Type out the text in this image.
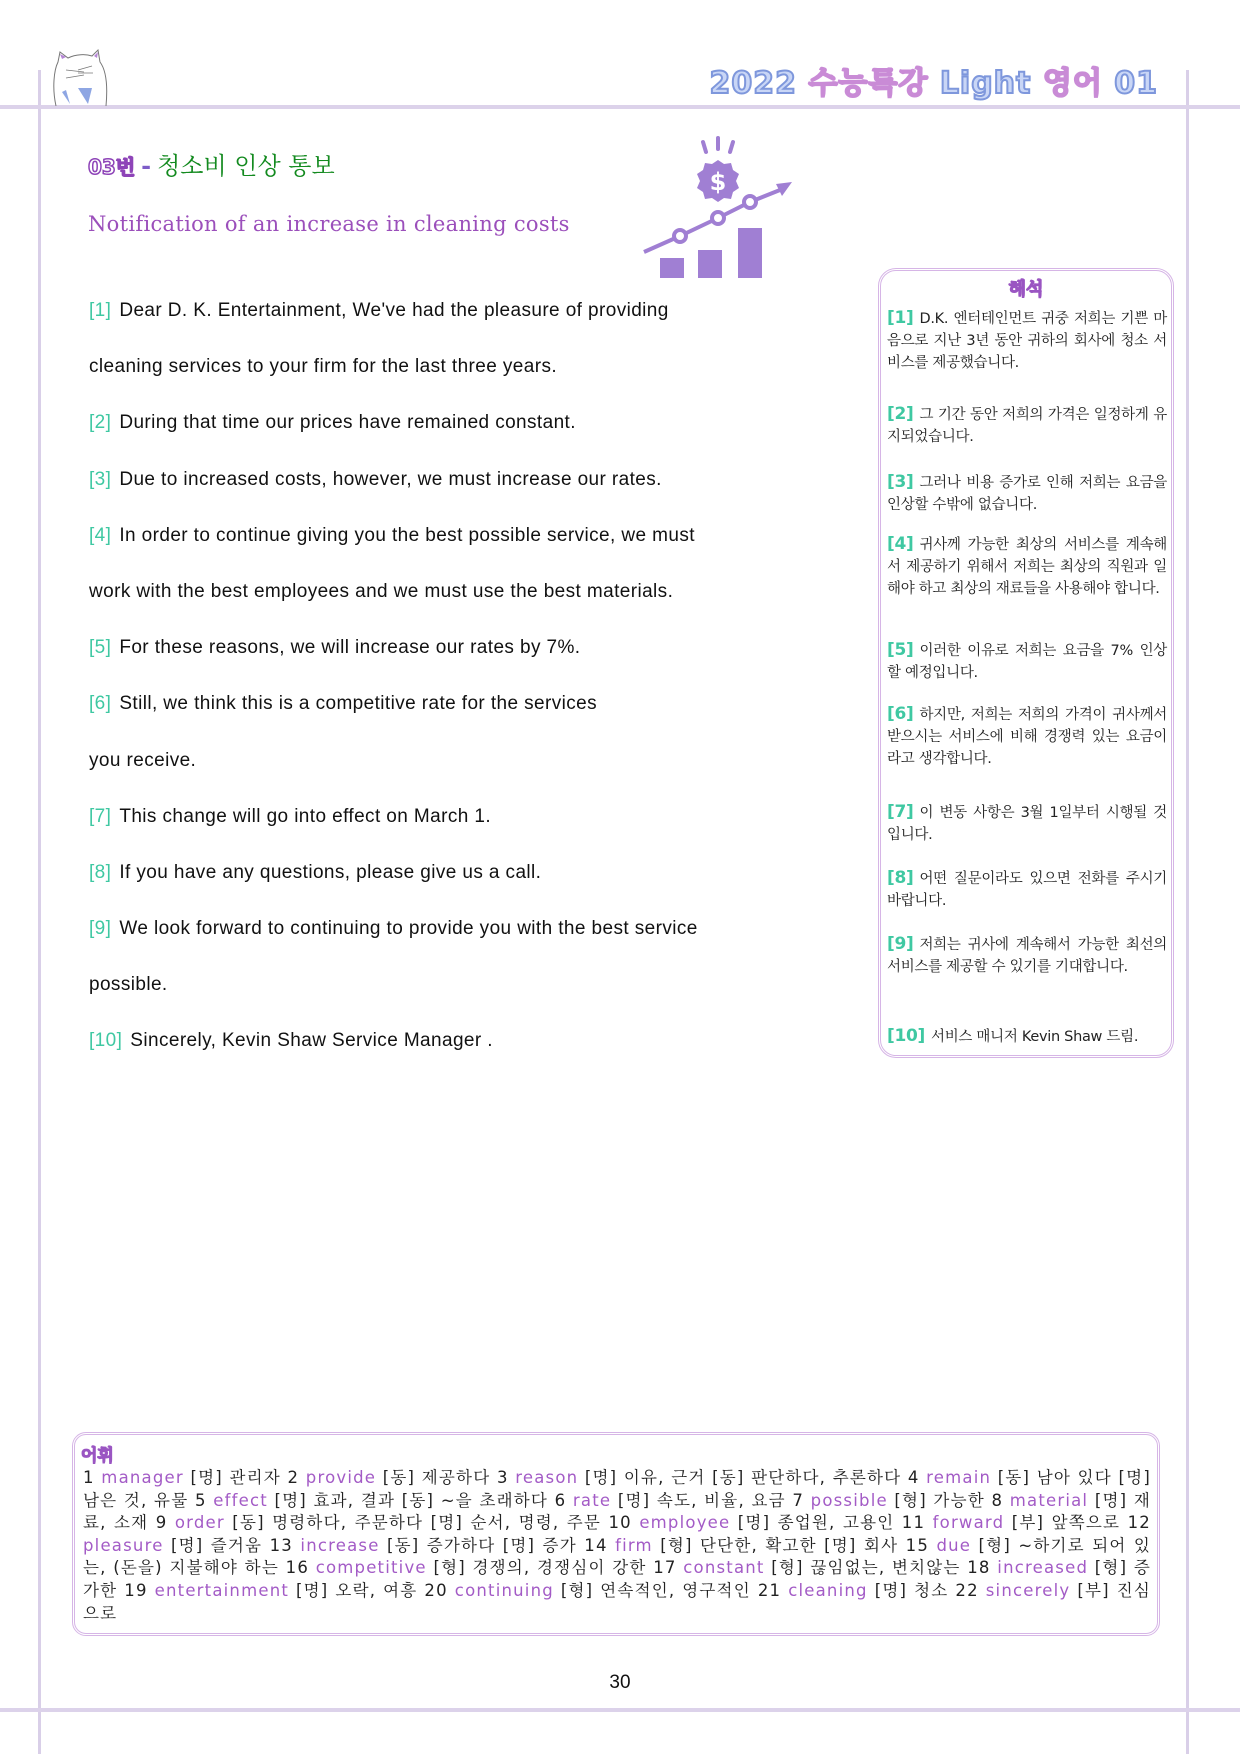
2022 수능특강 Light 영어 01
03번 - 청소비 인상 통보
Notification of an increase in cleaning costs
$
[1] Dear D. K. Entertainment, We've had the pleasure of providing
cleaning services to your firm for the last three years.
[2] During that time our prices have remained constant.
[3] Due to increased costs, however, we must increase our rates.
[4] In order to continue giving you the best possible service, we must
work with the best employees and we must use the best materials.
[5] For these reasons, we will increase our rates by 7%.
[6] Still, we think this is a competitive rate for the services
you receive.
[7] This change will go into effect on March 1.
[8] If you have any questions, please give us a call.
[9] We look forward to continuing to provide you with the best service
possible.
[10] Sincerely, Kevin Shaw Service Manager .
해석
[1] D.K. 엔터테인먼트 귀중 저희는 기쁜 마음으로 지난 3년 동안 귀하의 회사에 청소 서비스를 제공했습니다.
[2] 그 기간 동안 저희의 가격은 일정하게 유지되었습니다.
[3] 그러나 비용 증가로 인해 저희는 요금을 인상할 수밖에 없습니다.
[4] 귀사께 가능한 최상의 서비스를 계속해서 제공하기 위해서 저희는 최상의 직원과 일해야 하고 최상의 재료들을 사용해야 합니다.
[5] 이러한 이유로 저희는 요금을 7% 인상할 예정입니다.
[6] 하지만, 저희는 저희의 가격이 귀사께서 받으시는 서비스에 비해 경쟁력 있는 요금이라고 생각합니다.
[7] 이 변동 사항은 3월 1일부터 시행될 것입니다.
[8] 어떤 질문이라도 있으면 전화를 주시기 바랍니다.
[9] 저희는 귀사에 계속해서 가능한 최선의 서비스를 제공할 수 있기를 기대합니다.
[10] 서비스 매니저 Kevin Shaw 드림.
어휘
1 manager [명] 관리자 2 provide [동] 제공하다 3 reason [명] 이유, 근거 [동] 판단하다, 추론하다 4 remain [동] 남아 있다 [명] 남은 것, 유물 5 effect [명] 효과, 결과 [동] ~을 초래하다 6 rate [명] 속도, 비율, 요금 7 possible [형] 가능한 8 material [명] 재료, 소재 9 order [동] 명령하다, 주문하다 [명] 순서, 명령, 주문 10 employee [명] 종업원, 고용인 11 forward [부] 앞쪽으로 12 pleasure [명] 즐거움 13 increase [동] 증가하다 [명] 증가 14 firm [형] 단단한, 확고한 [명] 회사 15 due [형] ~하기로 되어 있는, (돈을) 지불해야 하는 16 competitive [형] 경쟁의, 경쟁심이 강한 17 constant [형] 끊임없는, 변치않는 18 increased [형] 증가한 19 entertainment [명] 오락, 여흥 20 continuing [형] 연속적인, 영구적인 21 cleaning [명] 청소 22 sincerely [부] 진심으로
30
